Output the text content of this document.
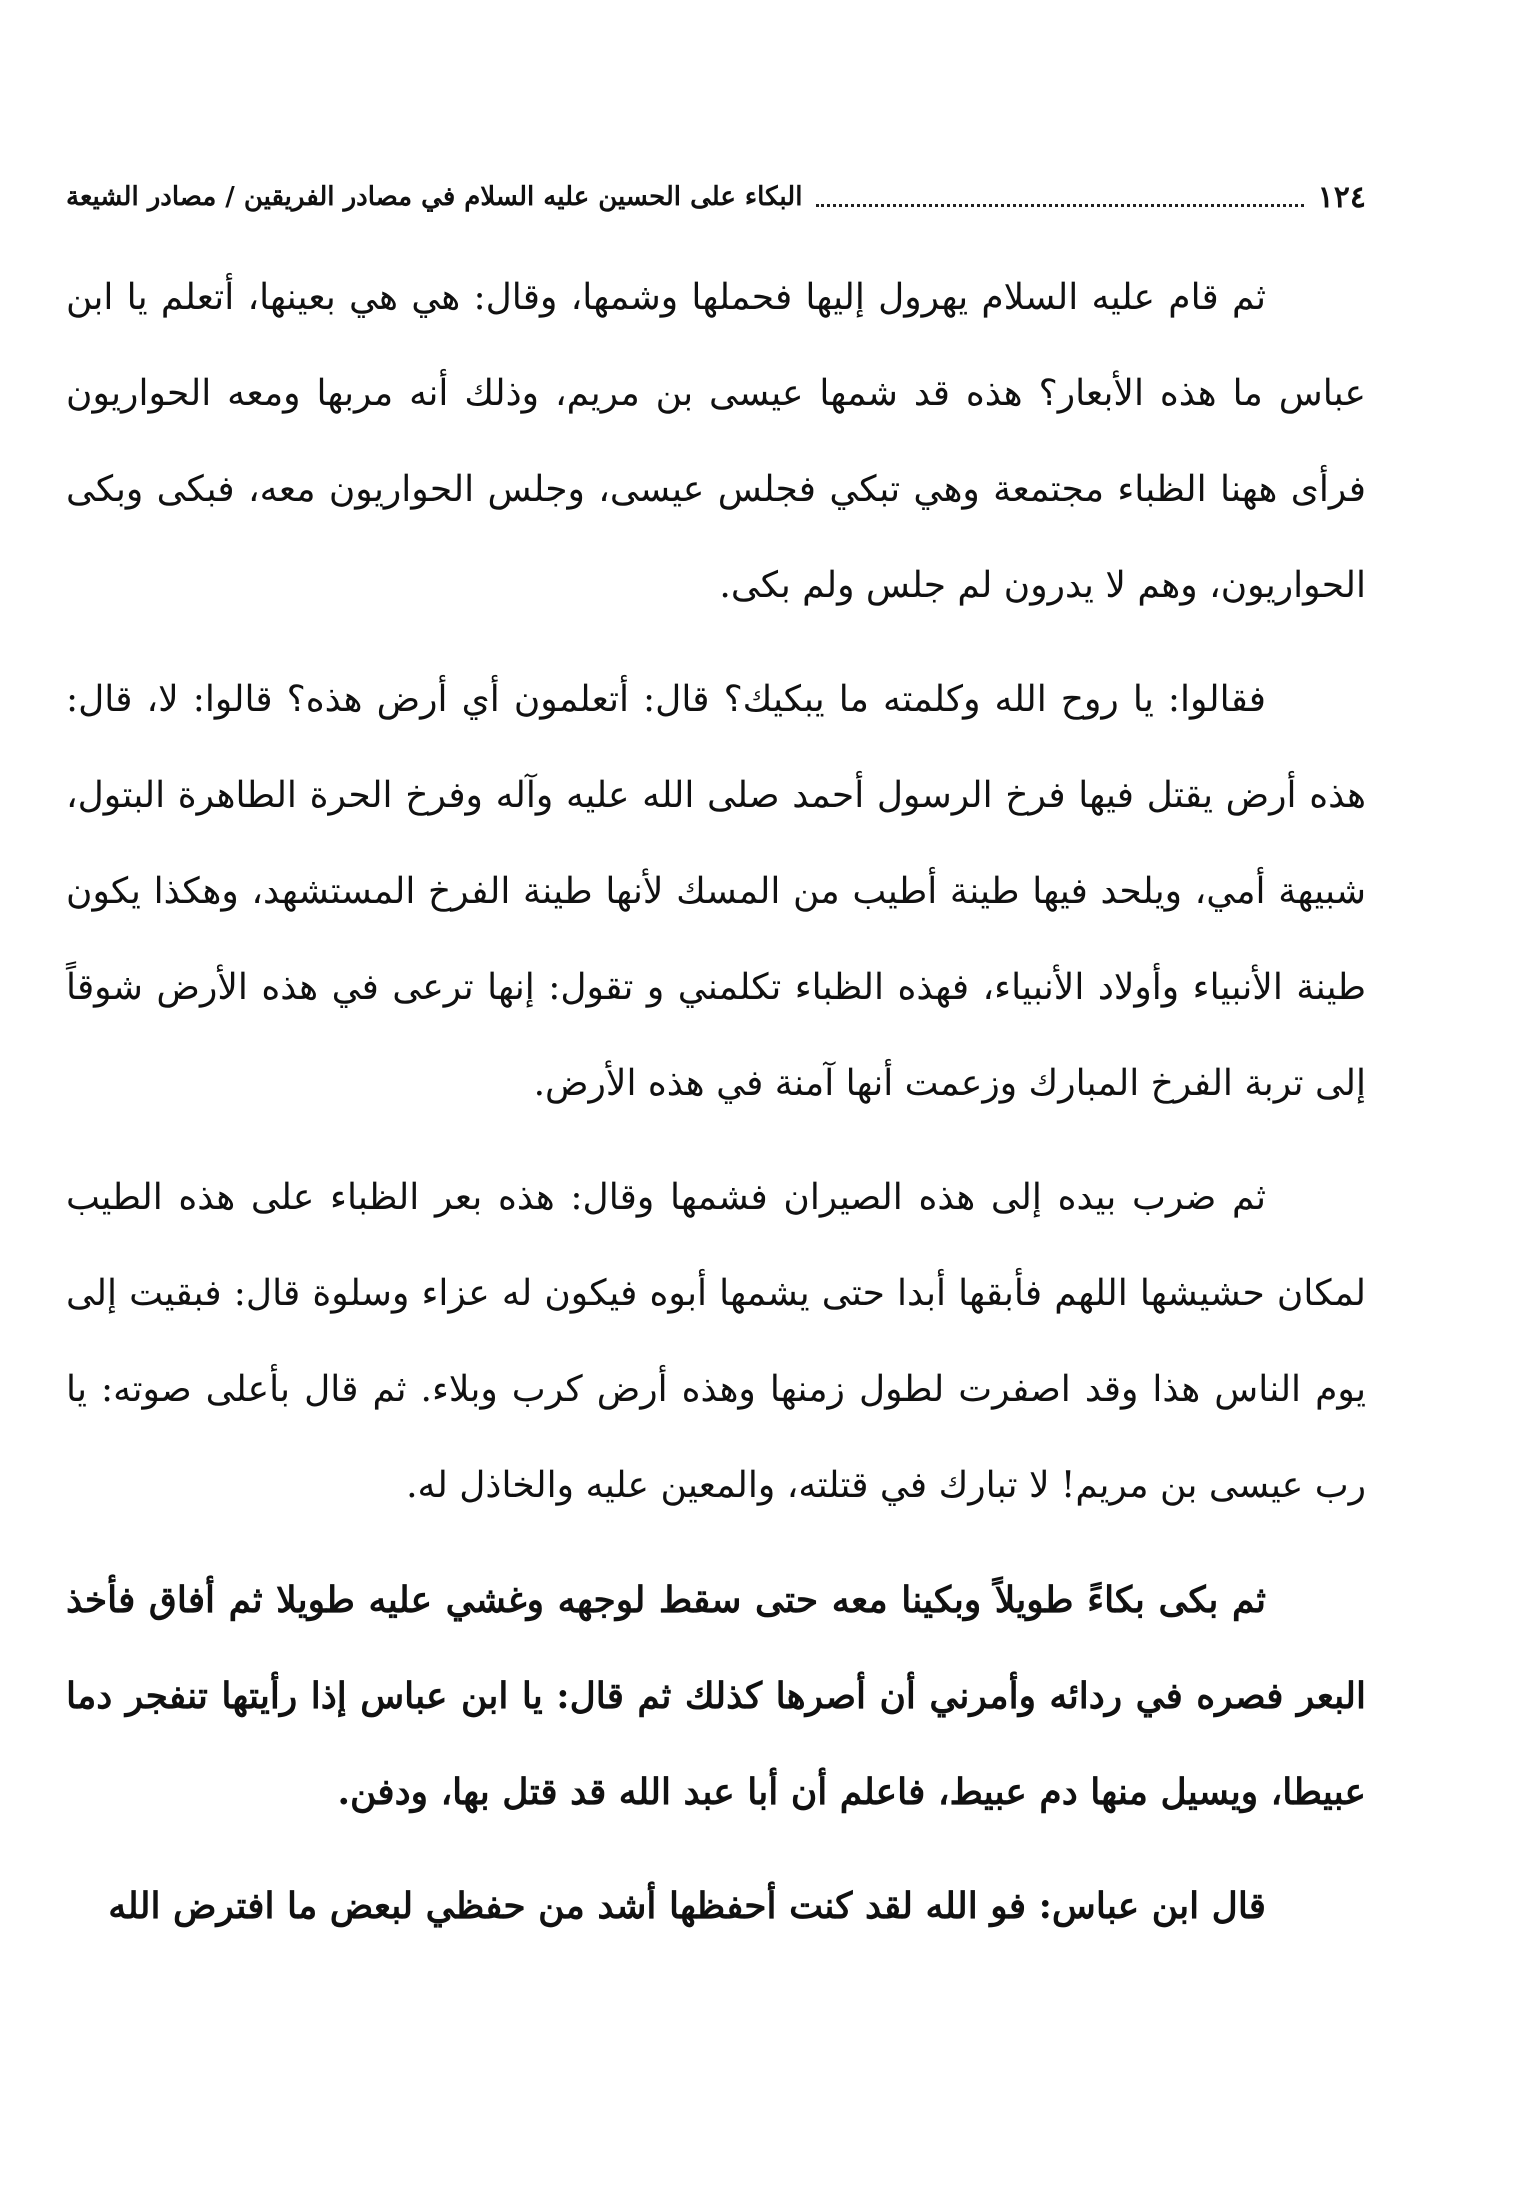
١٢٤
البكاء على الحسين عليه السلام في مصادر الفريقين / مصادر الشيعة

ثم قام عليه السلام يهرول إليها فحملها وشمها، وقال: هي هي بعينها، أتعلم يا ابن عباس ما هذه الأبعار؟ هذه قد شمها عيسى بن مريم، وذلك أنه مربها ومعه الحواريون فرأى ههنا الظباء مجتمعة وهي تبكي فجلس عيسى، وجلس الحواريون معه، فبكى وبكى الحواريون، وهم لا يدرون لم جلس ولم بكى.

فقالوا: يا روح الله وكلمته ما يبكيك؟ قال: أتعلمون أي أرض هذه؟ قالوا: لا، قال: هذه أرض يقتل فيها فرخ الرسول أحمد صلى الله عليه وآله وفرخ الحرة الطاهرة البتول، شبيهة أمي، ويلحد فيها طينة أطيب من المسك لأنها طينة الفرخ المستشهد، وهكذا يكون طينة الأنبياء وأولاد الأنبياء، فهذه الظباء تكلمني و تقول: إنها ترعى في هذه الأرض شوقاً إلى تربة الفرخ المبارك وزعمت أنها آمنة في هذه الأرض.

ثم ضرب بيده إلى هذه الصيران فشمها وقال: هذه بعر الظباء على هذه الطيب لمكان حشيشها اللهم فأبقها أبدا حتى يشمها أبوه فيكون له عزاء وسلوة قال: فبقيت إلى يوم الناس هذا وقد اصفرت لطول زمنها وهذه أرض كرب وبلاء. ثم قال بأعلى صوته: يا رب عيسى بن مريم! لا تبارك في قتلته، والمعين عليه والخاذل له.

ثم بكى بكاءً طويلاً وبكينا معه حتى سقط لوجهه وغشي عليه طويلا ثم أفاق فأخذ البعر فصره في ردائه وأمرني أن أصرها كذلك ثم قال: يا ابن عباس إذا رأيتها تنفجر دما عبيطا، ويسيل منها دم عبيط، فاعلم أن أبا عبد الله قد قتل بها، ودفن.

قال ابن عباس: فو الله لقد كنت أحفظها أشد من حفظي لبعض ما افترض الله
